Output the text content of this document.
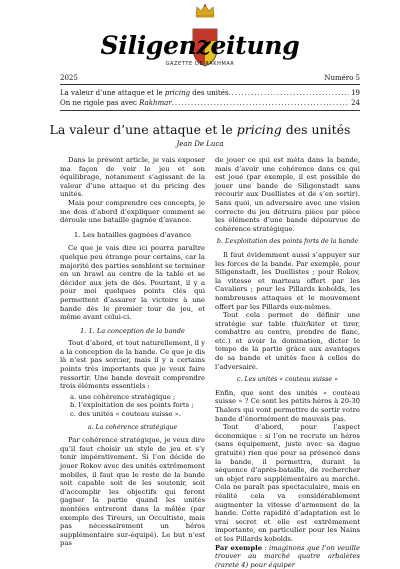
Siligenzeitung
GAZETTE DE RAKHMAR
2025	Numéro 5
La valeur d’une attaque et le pricing des unités .....	19
On ne rigole pas avec Rakhmar .....	24
La valeur d’une attaque et le pricing des unités
Jean De Luca

Dans le présent article, je vais exposer ma façon de voir le jeu et son équilibrage, notamment s’agissant de la valeur d’une attaque et du pricing des unités.

Mais pour comprendre ces concepts, je me dois d’abord d’expliquer comment se déroule une bataille gagnée d’avance.

1. Les batailles gagnées d’avance

Ce que je vais dire ici pourra paraître quelque peu étrange pour certains, car la majorité des parties semblent se terminer en un brawl au centre de la table et se décider aux jets de dés. Pourtant, il y a pour moi quelques points clés qui permettent d’assurer la victoire à une bande dès le premier tour de jeu, et même avant celui-ci.

1. 1. La conception de la bande

Tout d’abord, et tout naturellement, il y a la conception de la bande. Ce que je dis là n’est pas sorcier, mais il y a certains points très importants que je veux faire ressortir. Une bande devrait comprendre trois éléments essentiels :

a. une cohérence stratégique ;
b. l’exploitation de ses points forts ;
c. des unités « couteau suisse ».
a. La cohérence stratégique

Par cohérence stratégique, je veux dire qu’il faut choisir un style de jeu et s’y tenir impérativement. Si l’on décide de jouer Rokov avec des unités extrêmement mobiles, il faut que le reste de la bande soit capable soit de les soutenir, soit d’accomplir les objectifs qui feront gagner la partie quand les unités montées entreront dans la mêlée (par exemple des Tireurs, un Occultiste, mais pas nécessairement un héros supplémentaire sur-équipé). Le but n’est pas

de jouer ce qui est méta dans la bande, mais d’avoir une cohérence dans ce qui est joué (par exemple, il est possible de jouer une bande de Siligenstadt sans recourir aux Duellistes et de s’en sortir). Sans quoi, un adversaire avec une vision correcte du jeu détruira pièce par pièce les éléments d’une bande dépourvue de cohérence stratégique.

b. L’exploitation des points forts de la bande

Il faut évidemment aussi s’appuyer sur les forces de la bande. Par exemple, pour Siligenstadt, les Duellistes ; pour Rokov, la vitesse et marteau offert par les Cavaliers ; pour les Pillards kobolds, les nombreuses attaques et le mouvement offert par les Pillards eux-mêmes.

Tout cela permet de définir une stratégie sur table (fuir/kiter et tirer, combattre au centre, prendre de flanc, etc.) et avoir la domination, dicter le tempo de la partie grâce aux avantages de sa bande et unités face à celles de l’adversaire.

c. Les unités « couteau suisse »

Enfin, que sont des unités « couteau suisse » ? Ce sont les petits héros à 20-30 Thalers qui vont permettre de sortir votre bande d’énormément de mauvais pas.

Tout d’abord, pour l’aspect économique : si l’on ne recrute un héros (sans équipement, juste avec sa dague gratuite) rien que pour sa présence dans la bande, il permettra, durant la séquence d’après-bataille, de rechercher un objet rare supplémentaire au marché. Cela ne paraît pas spectaculaire, mais en réalité cela va considérablement augmenter la vitesse d’armement de la bande. Cette rapidité d’adaptation est le vrai secret et elle est extrêmement importante, en particulier pour les Nains et les Pillards kobolds.

Par exemple : imaginons que l’on veuille trouver au marché quatre arbalètes (rareté 4) pour équiper
